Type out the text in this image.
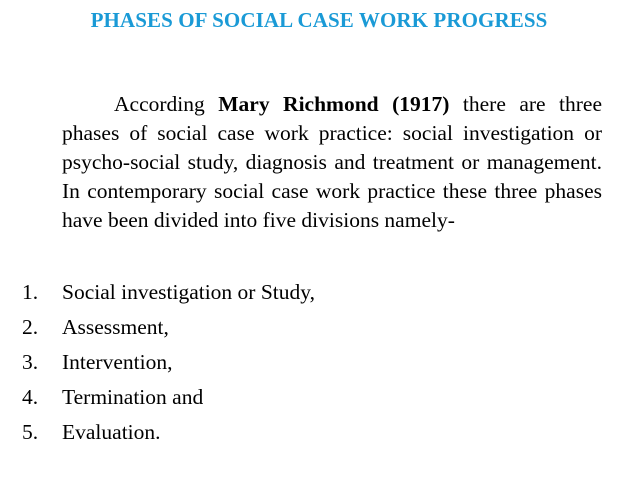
PHASES OF SOCIAL CASE WORK PROGRESS
According Mary Richmond (1917) there are three phases of social case work practice: social investigation or psycho-social study, diagnosis and treatment or management. In contemporary social case work practice these three phases have been divided into five divisions namely-
1. Social investigation or Study,
2. Assessment,
3. Intervention,
4. Termination and
5. Evaluation.
